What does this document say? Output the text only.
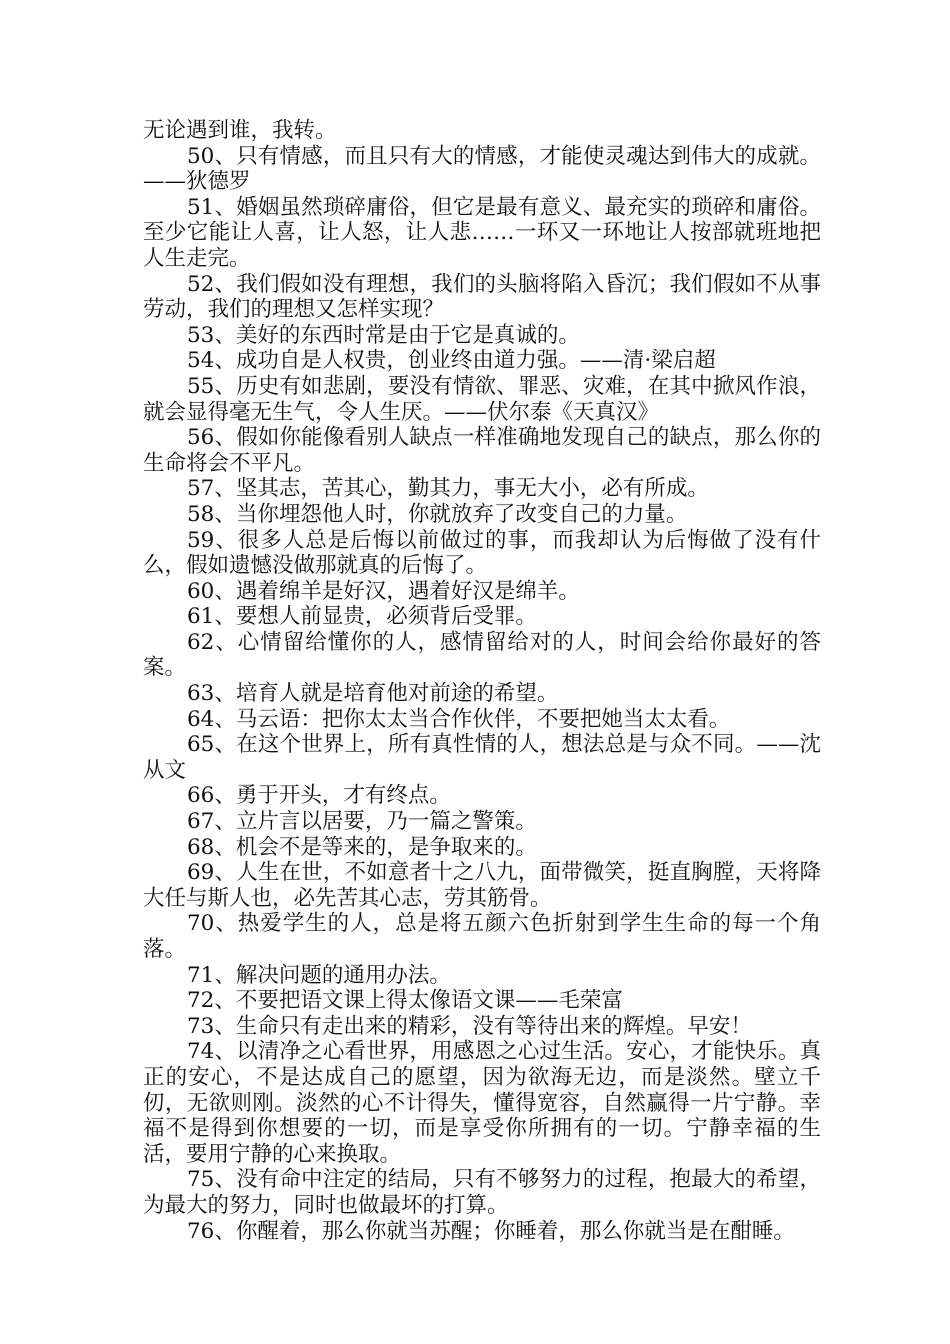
无论遇到谁，我转。

50、只有情感，而且只有大的情感，才能使灵魂达到伟大的成就。——狄德罗

51、婚姻虽然琐碎庸俗，但它是最有意义、最充实的琐碎和庸俗。至少它能让人喜，让人怒，让人悲……一环又一环地让人按部就班地把人生走完。

52、我们假如没有理想，我们的头脑将陷入昏沉；我们假如不从事劳动，我们的理想又怎样实现？

53、美好的东西时常是由于它是真诚的。

54、成功自是人权贵，创业终由道力强。——清·梁启超

55、历史有如悲剧，要没有情欲、罪恶、灾难，在其中掀风作浪，就会显得毫无生气，令人生厌。——伏尔泰《天真汉》

56、假如你能像看别人缺点一样准确地发现自己的缺点，那么你的生命将会不平凡。

57、坚其志，苦其心，勤其力，事无大小，必有所成。

58、当你埋怨他人时，你就放弃了改变自己的力量。

59、很多人总是后悔以前做过的事，而我却认为后悔做了没有什么，假如遗憾没做那就真的后悔了。

60、遇着绵羊是好汉，遇着好汉是绵羊。

61、要想人前显贵，必须背后受罪。

62、心情留给懂你的人，感情留给对的人，时间会给你最好的答案。

63、培育人就是培育他对前途的希望。

64、马云语：把你太太当合作伙伴，不要把她当太太看。

65、在这个世界上，所有真性情的人，想法总是与众不同。——沈从文

66、勇于开头，才有终点。

67、立片言以居要，乃一篇之警策。

68、机会不是等来的，是争取来的。

69、人生在世，不如意者十之八九，面带微笑，挺直胸膛，天将降大任与斯人也，必先苦其心志，劳其筋骨。

70、热爱学生的人，总是将五颜六色折射到学生生命的每一个角落。

71、解决问题的通用办法。

72、不要把语文课上得太像语文课——毛荣富

73、生命只有走出来的精彩，没有等待出来的辉煌。早安！

74、以清净之心看世界，用感恩之心过生活。安心，才能快乐。真正的安心，不是达成自己的愿望，因为欲海无边，而是淡然。壁立千仞，无欲则刚。淡然的心不计得失，懂得宽容，自然赢得一片宁静。幸福不是得到你想要的一切，而是享受你所拥有的一切。宁静幸福的生活，要用宁静的心来换取。

75、没有命中注定的结局，只有不够努力的过程，抱最大的希望，为最大的努力，同时也做最坏的打算。

76、你醒着，那么你就当苏醒；你睡着，那么你就当是在酣睡。
